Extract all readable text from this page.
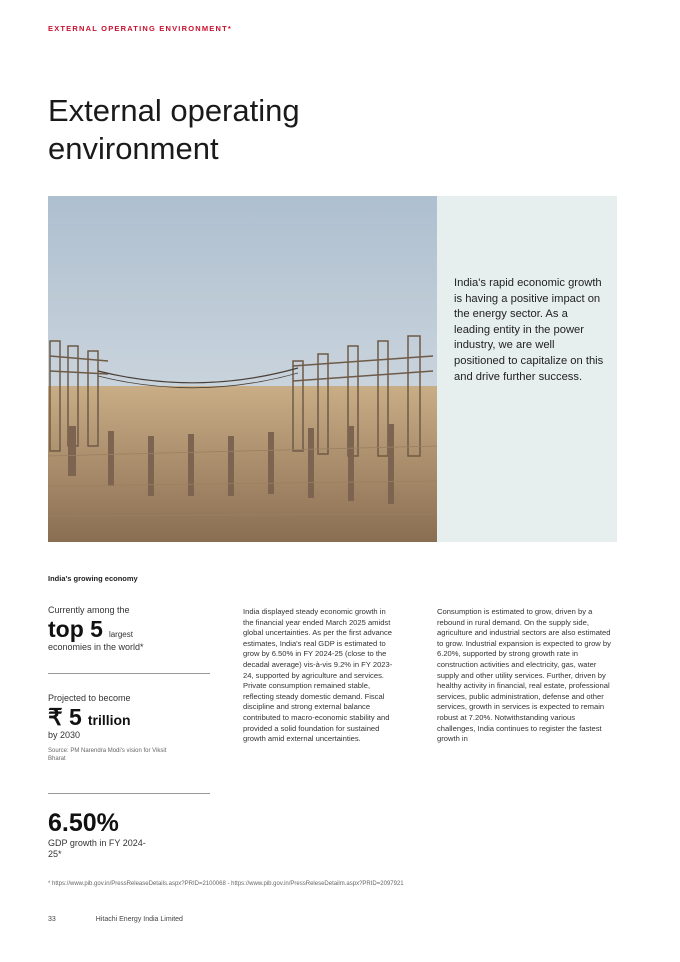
EXTERNAL OPERATING ENVIRONMENT*
External operating environment

India's rapid economic growth is having a positive impact on the energy sector. As a leading entity in the power industry, we are well positioned to capitalize on this and drive further success.

India's growing economy
Currently among the
top 5 largest
economies in the world*
Projected to become
₹ 5 trillion
by 2030
Source: PM Narendra Modi's vision for Viksit Bharat
6.50%
GDP growth in FY 2024-25*
India displayed steady economic growth in the financial year ended March 2025 amidst global uncertainties. As per the first advance estimates, India's real GDP is estimated to grow by 6.50% in FY 2024-25 (close to the decadal average) vis-à-vis 9.2% in FY 2023-24, supported by agriculture and services. Private consumption remained stable, reflecting steady domestic demand. Fiscal discipline and strong external balance contributed to macro-economic stability and provided a solid foundation for sustained growth amid external uncertainties.
Consumption is estimated to grow, driven by a rebound in rural demand. On the supply side, agriculture and industrial sectors are also estimated to grow. Industrial expansion is expected to grow by 6.20%, supported by strong growth rate in construction activities and electricity, gas, water supply and other utility services. Further, driven by healthy activity in financial, real estate, professional services, public administration, defense and other services, growth in services is expected to remain robust at 7.20%. Notwithstanding various challenges, India continues to register the fastest growth in
* https://www.pib.gov.in/PressReleaseDetails.aspx?PRID=2100068 - https://www.pib.gov.in/PressReleseDetailm.aspx?PRID=2097921
33	Hitachi Energy India Limited
